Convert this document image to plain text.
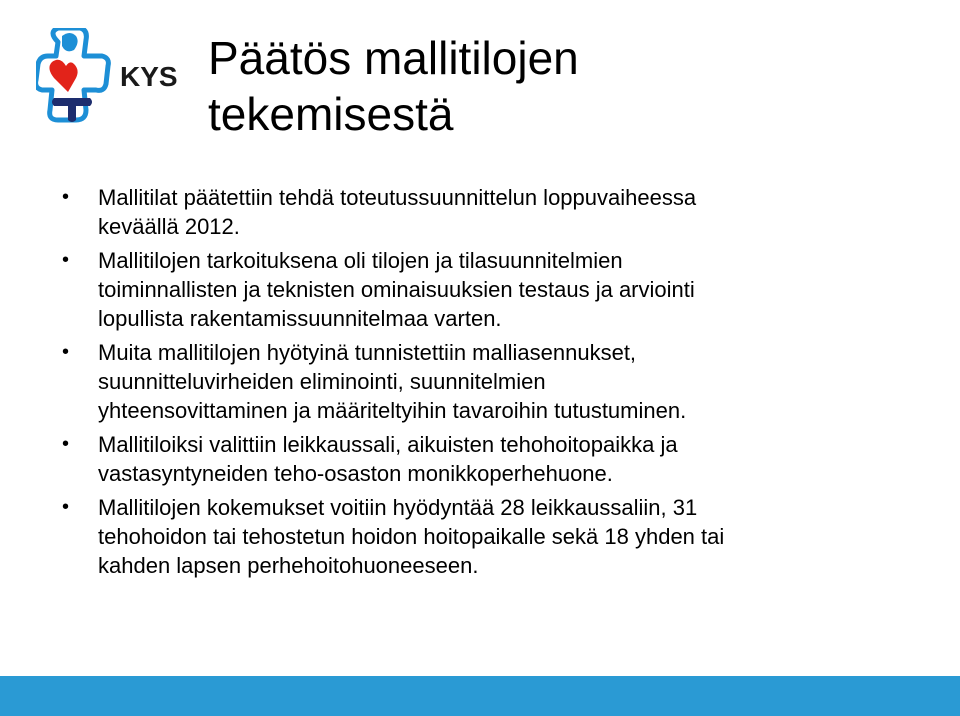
KYS Päätös mallitilojen
tekemisestä
• Mallitilat päätettiin tehdä toteutussuunnittelun loppuvaiheessa
keväällä 2012.
• Mallitilojen tarkoituksena oli tilojen ja tilasuunnitelmien
toiminnallisten ja teknisten ominaisuuksien testaus ja arviointi
lopullista rakentamissuunnitelmaa varten.
• Muita mallitilojen hyötyinä tunnistettiin malliasennukset,
suunnitteluvirheiden eliminointi, suunnitelmien
yhteensovittaminen ja määriteltyihin tavaroihin tutustuminen.
• Mallitiloiksi valittiin leikkaussali, aikuisten tehohoitopaikka ja
vastasyntyneiden teho-osaston monikkoperhehuone.
• Mallitilojen kokemukset voitiin hyödyntää 28 leikkaussaliin, 31
tehohoidon tai tehostetun hoidon hoitopaikalle sekä 18 yhden tai
kahden lapsen perhehoitohuoneeseen.
